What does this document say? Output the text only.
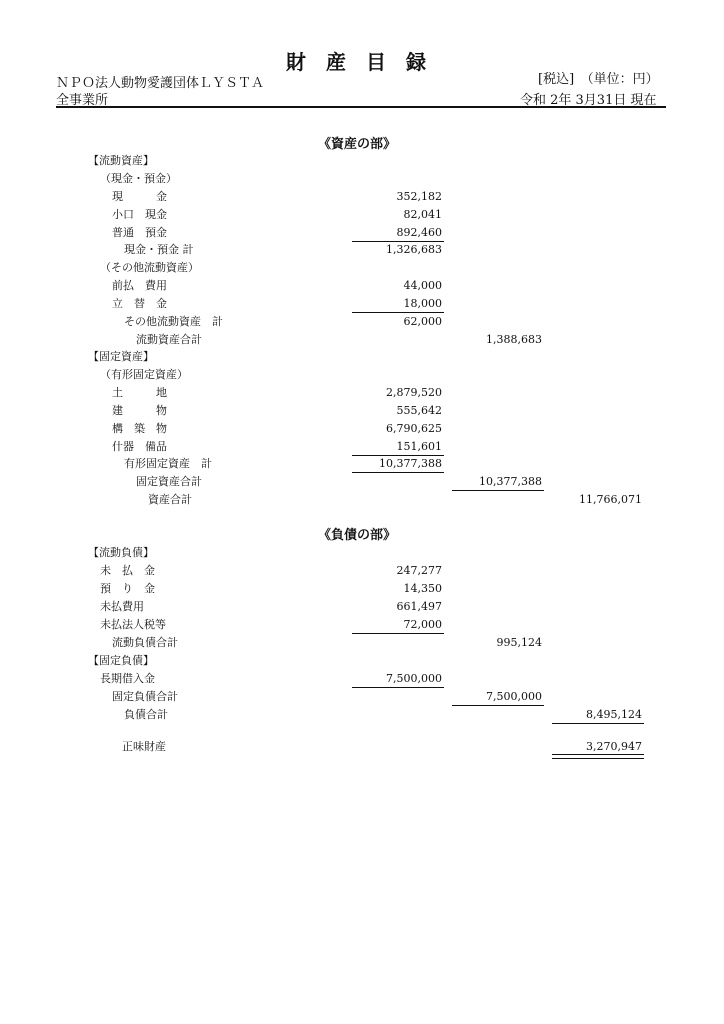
財　産　目　録
ＮＰＯ法人動物愛護団体ＬＹＳＴＡ	[税込]　（単位：円）
全事業所	令和 2年 3月31日 現在
《資産の部》
【流動資産】
（現金・預金）
現　　　金	352,182
小口　現金	82,041
普通　預金	892,460
現金・預金 計	1,326,683
（その他流動資産）
前払　費用	44,000
立　替　金	18,000
その他流動資産　計	62,000
流動資産合計	1,388,683
【固定資産】
（有形固定資産）
土　　　地	2,879,520
建　　　物	555,642
構　築　物	6,790,625
什器　備品	151,601
有形固定資産　計	10,377,388
固定資産合計	10,377,388
資産合計	11,766,071
《負債の部》
【流動負債】
未　払　金	247,277
預　り　金	14,350
未払費用	661,497
未払法人税等	72,000
流動負債合計	995,124
【固定負債】
長期借入金	7,500,000
固定負債合計	7,500,000
負債合計	8,495,124
正味財産	3,270,947
